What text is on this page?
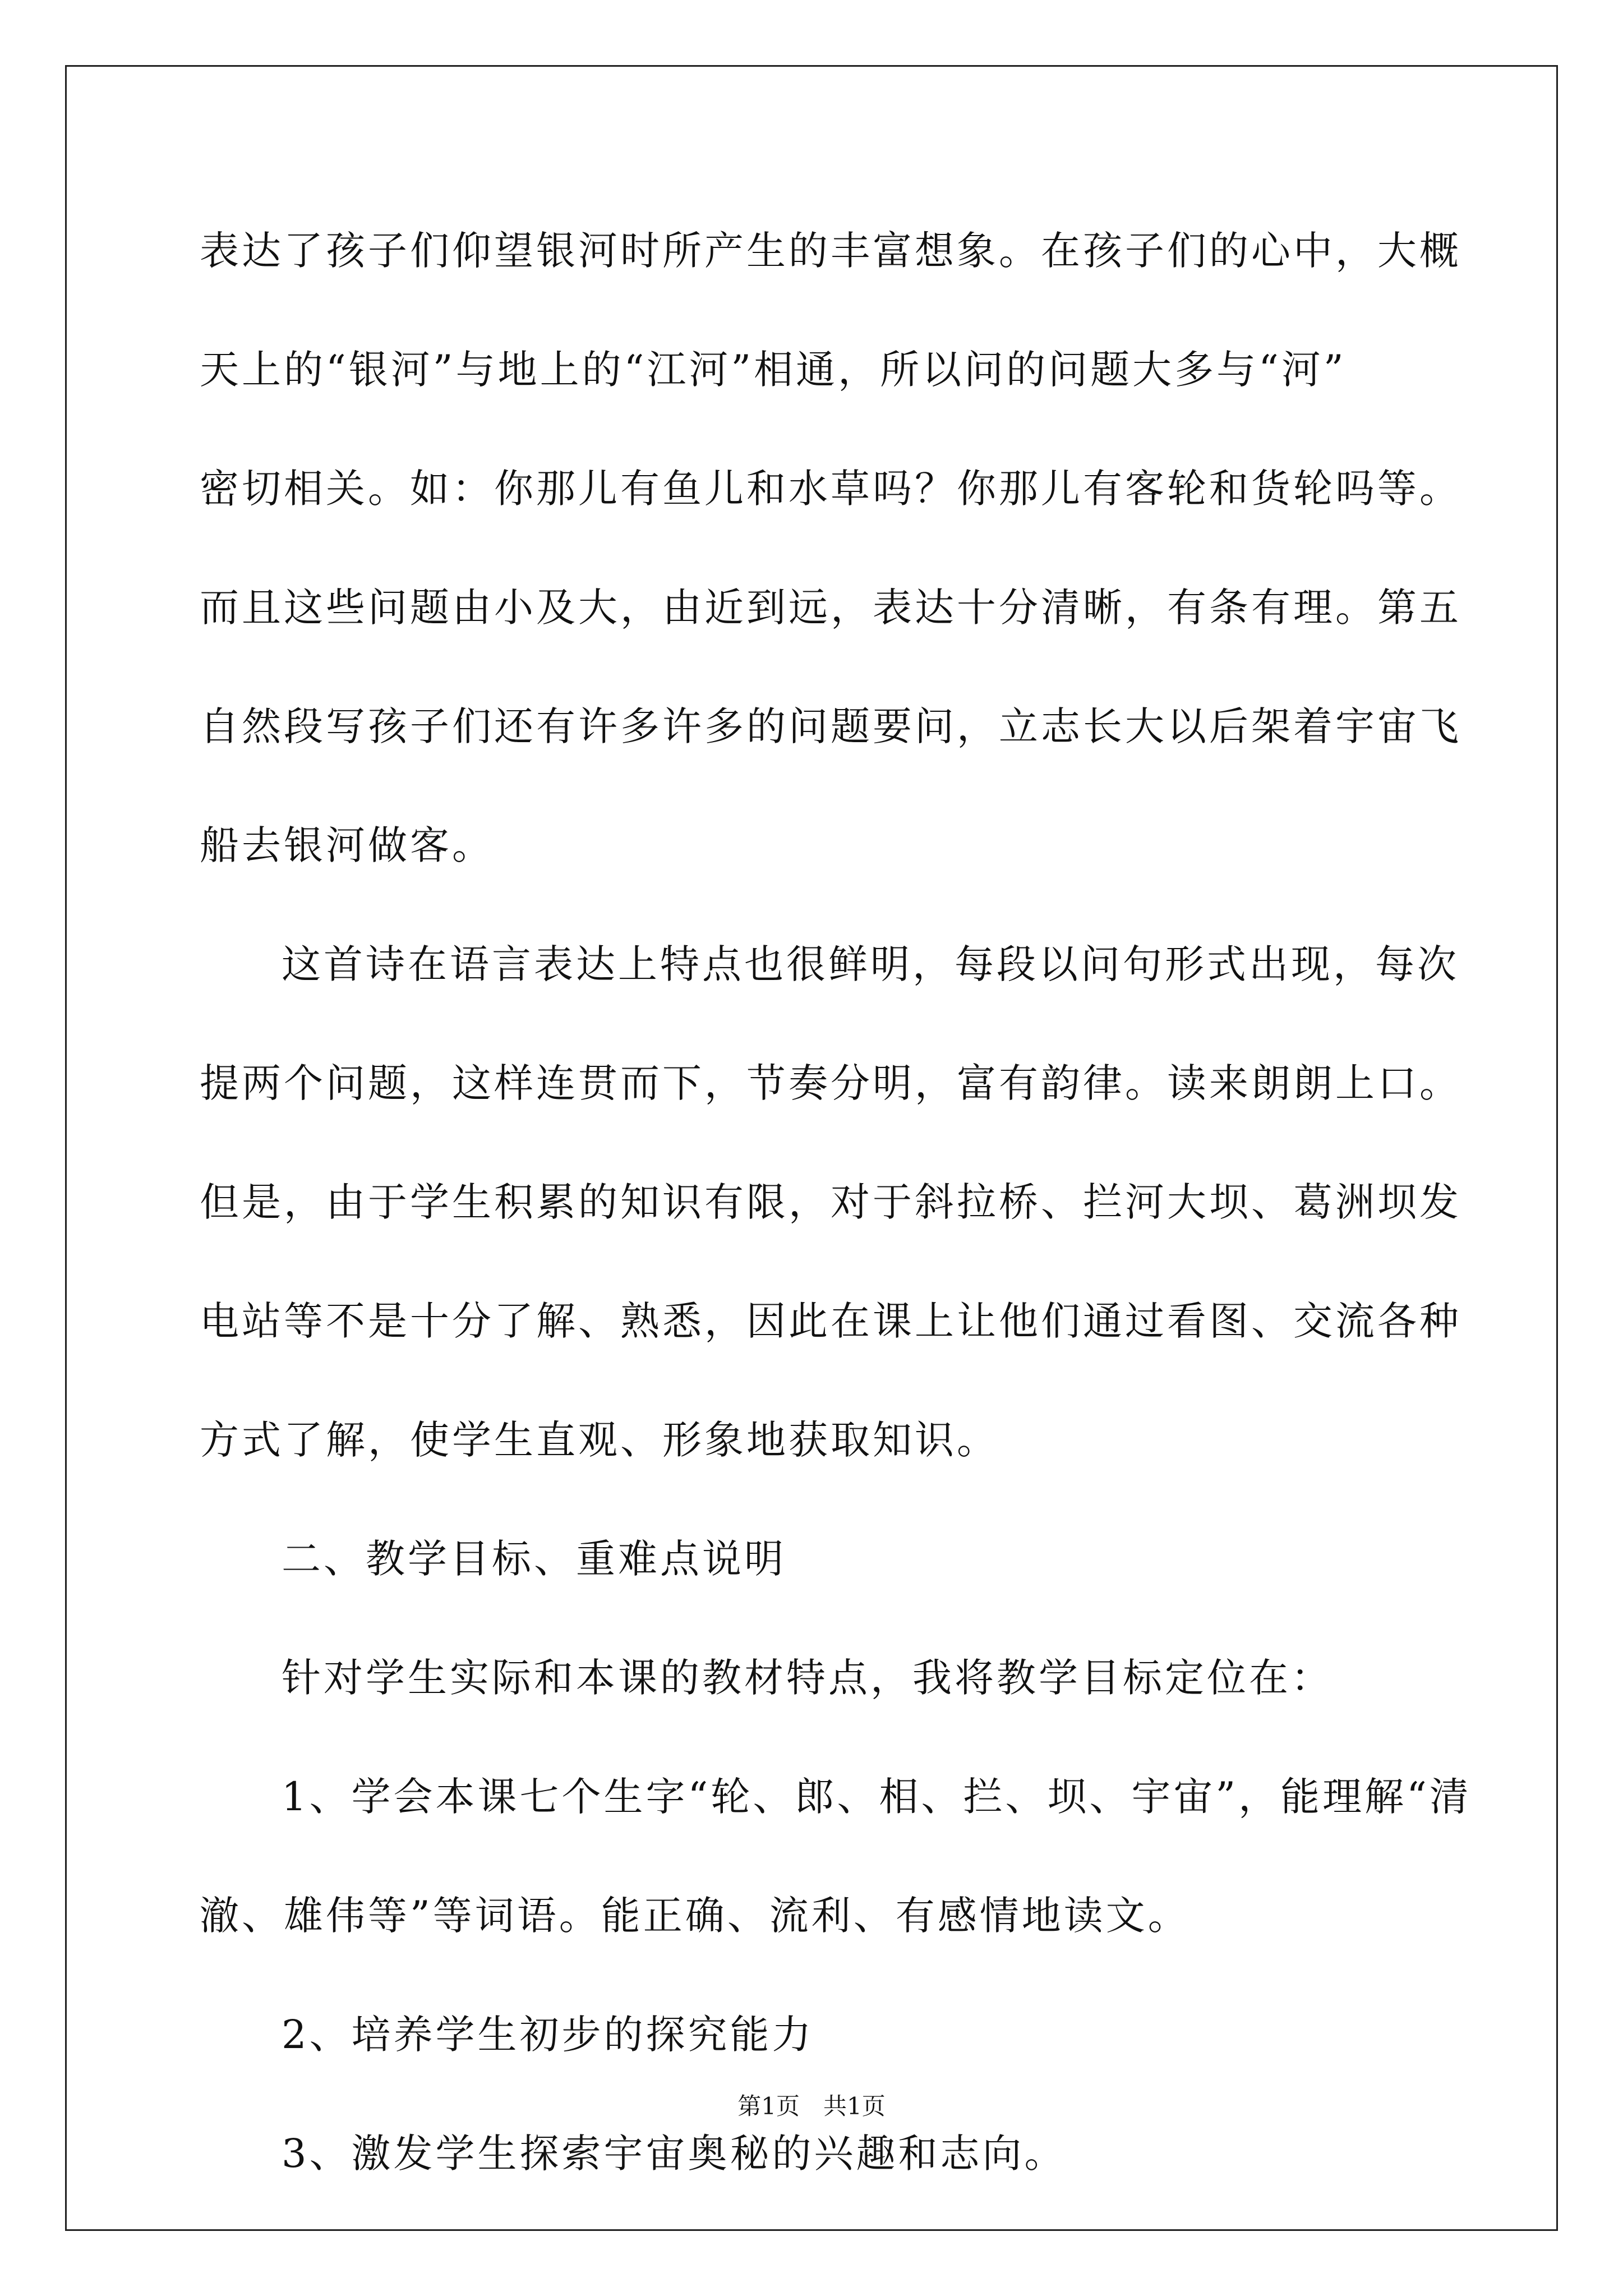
表达了孩子们仰望银河时所产生的丰富想象。在孩子们的心中，大概
天上的“银河”与地上的“江河”相通，所以问的问题大多与“河”
密切相关。如：你那儿有鱼儿和水草吗？你那儿有客轮和货轮吗等。
而且这些问题由小及大，由近到远，表达十分清晰，有条有理。第五
自然段写孩子们还有许多许多的问题要问，立志长大以后架着宇宙飞
船去银河做客。
这首诗在语言表达上特点也很鲜明，每段以问句形式出现，每次
提两个问题，这样连贯而下，节奏分明，富有韵律。读来朗朗上口。
但是，由于学生积累的知识有限，对于斜拉桥、拦河大坝、葛洲坝发
电站等不是十分了解、熟悉，因此在课上让他们通过看图、交流各种
方式了解，使学生直观、形象地获取知识。
二、教学目标、重难点说明
针对学生实际和本课的教材特点，我将教学目标定位在：
1、学会本课七个生字“轮、郎、相、拦、坝、宇宙”，能理解“清
澈、雄伟等”等词语。能正确、流利、有感情地读文。
2、培养学生初步的探究能力
3、激发学生探索宇宙奥秘的兴趣和志向。
第1页　共1页
